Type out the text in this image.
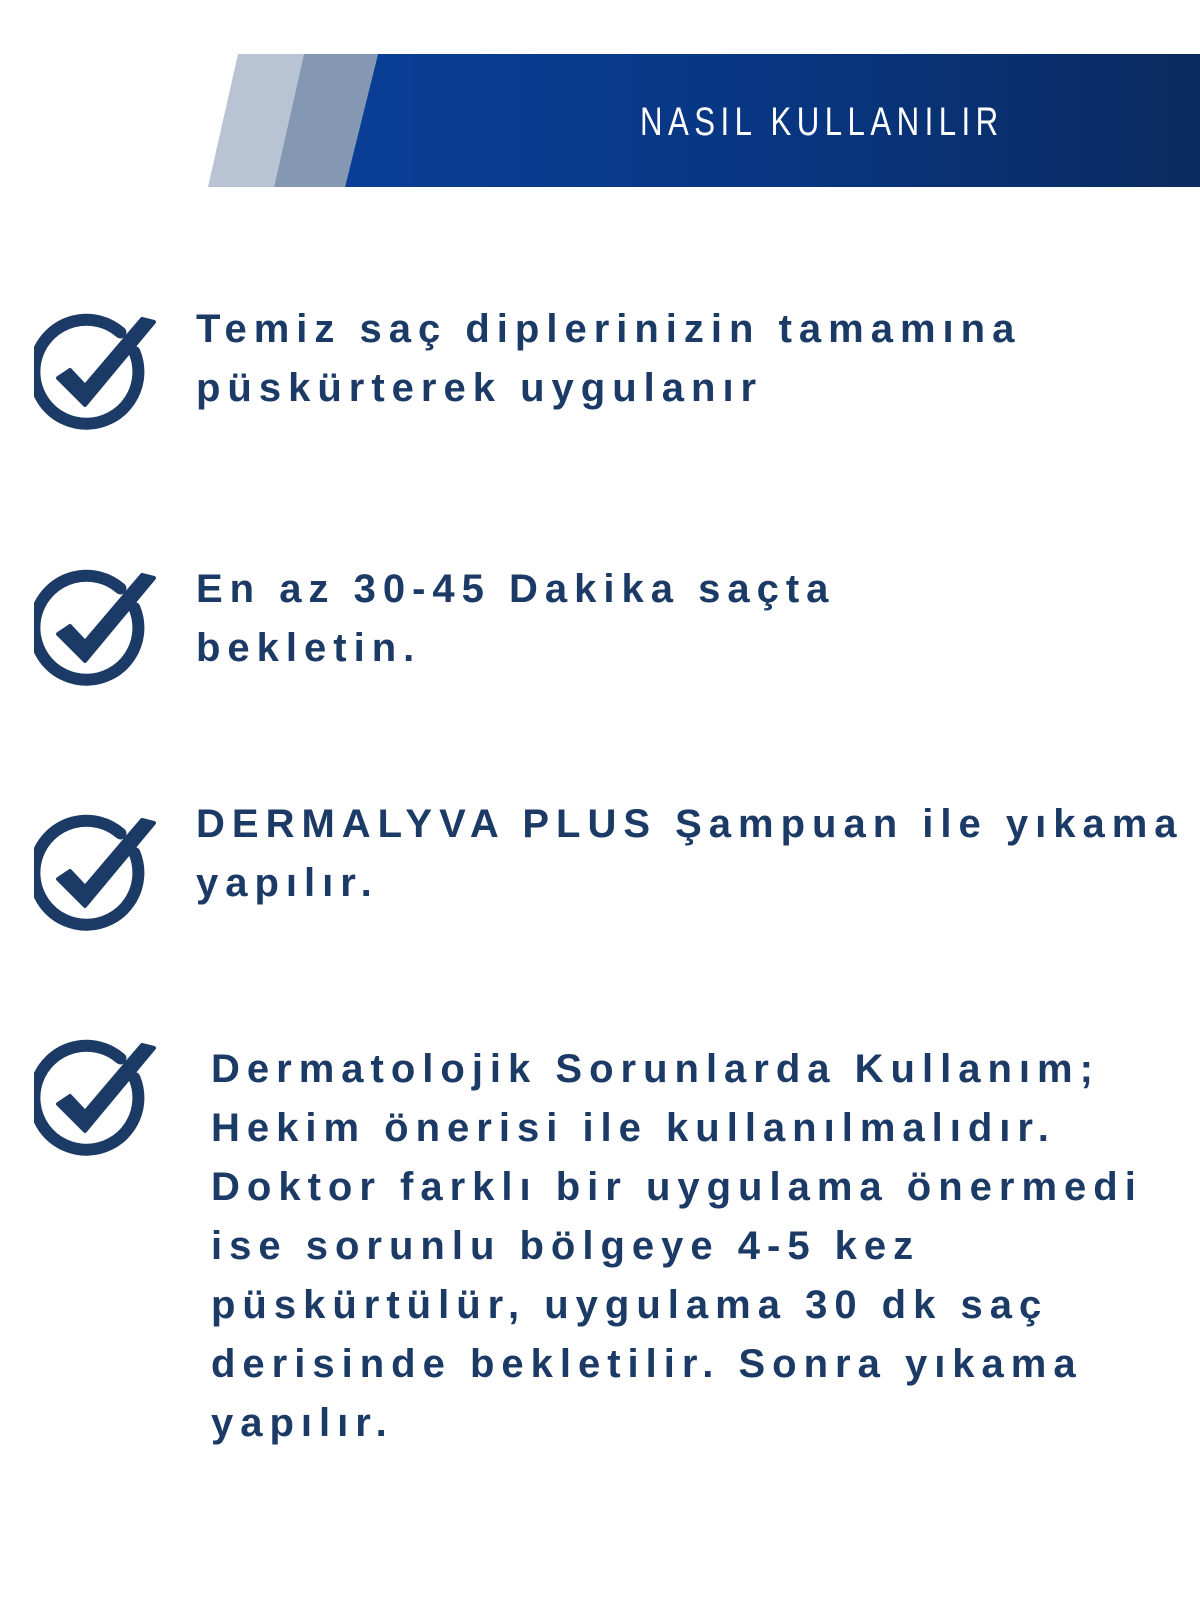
NASIL KULLANILIR

Temiz saç diplerinizin tamamına
püskürterek uygulanır

En az 30-45 Dakika saçta
bekletin.

DERMALYVA PLUS Şampuan ile yıkama
yapılır.

Dermatolojik Sorunlarda Kullanım;
Hekim önerisi ile kullanılmalıdır.
Doktor farklı bir uygulama önermedi
ise sorunlu bölgeye 4-5 kez
püskürtülür, uygulama 30 dk saç
derisinde bekletilir. Sonra yıkama
yapılır.
